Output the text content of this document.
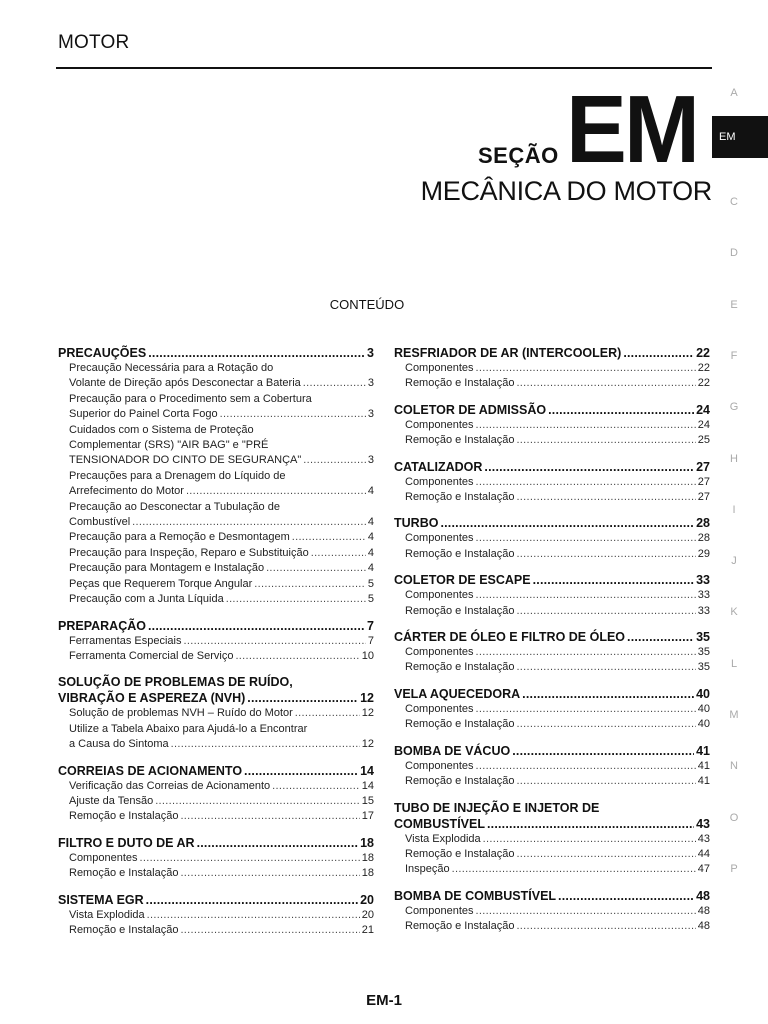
MOTOR
SEÇÃO EM
MECÂNICA DO MOTOR
CONTEÚDO
PRECAUÇÕES .....	3
Precaução Necessária para a Rotação do
Volante de Direção após Desconectar a Bateria .....	3
Precaução para o Procedimento sem a Cobertura
Superior do Painel Corta Fogo .....	3
Cuidados com o Sistema de Proteção
Complementar (SRS) "AIR BAG" e "PRÉ
TENSIONADOR DO CINTO DE SEGURANÇA" .....	3
Precauções para a Drenagem do Líquido de
Arrefecimento do Motor .....	4
Precaução ao Desconectar a Tubulação de
Combustível .....	4
Precaução para a Remoção e Desmontagem .....	4
Precaução para Inspeção, Reparo e Substituição .....	4
Precaução para Montagem e Instalação .....	4
Peças que Requerem Torque Angular .....	5
Precaução com a Junta Líquida .....	5
PREPARAÇÃO .....	7
Ferramentas Especiais .....	7
Ferramenta Comercial de Serviço .....	10
SOLUÇÃO DE PROBLEMAS DE RUÍDO,
VIBRAÇÃO E ASPEREZA (NVH) .....	12
Solução de problemas NVH – Ruído do Motor .....	12
Utilize a Tabela Abaixo para Ajudá-lo a Encontrar
a Causa do Sintoma .....	12
CORREIAS DE ACIONAMENTO .....	14
Verificação das Correias de Acionamento .....	14
Ajuste da Tensão .....	15
Remoção e Instalação .....	17
FILTRO E DUTO DE AR .....	18
Componentes .....	18
Remoção e Instalação .....	18
SISTEMA EGR .....	20
Vista Explodida .....	20
Remoção e Instalação .....	21
RESFRIADOR DE AR (INTERCOOLER) .....	22
Componentes .....	22
Remoção e Instalação .....	22
COLETOR DE ADMISSÃO .....	24
Componentes .....	24
Remoção e Instalação .....	25
CATALIZADOR .....	27
Componentes .....	27
Remoção e Instalação .....	27
TURBO .....	28
Componentes .....	28
Remoção e Instalação .....	29
COLETOR DE ESCAPE .....	33
Componentes .....	33
Remoção e Instalação .....	33
CÁRTER DE ÓLEO E FILTRO DE ÓLEO .....	35
Componentes .....	35
Remoção e Instalação .....	35
VELA AQUECEDORA .....	40
Componentes .....	40
Remoção e Instalação .....	40
BOMBA DE VÁCUO .....	41
Componentes .....	41
Remoção e Instalação .....	41
TUBO DE INJEÇÃO E INJETOR DE
COMBUSTÍVEL .....	43
Vista Explodida .....	43
Remoção e Instalação .....	44
Inspeção .....	47
BOMBA DE COMBUSTÍVEL .....	48
Componentes .....	48
Remoção e Instalação .....	48
A
EM
C
D
E
F
G
H
I
J
K
L
M
N
O
P
EM-1
